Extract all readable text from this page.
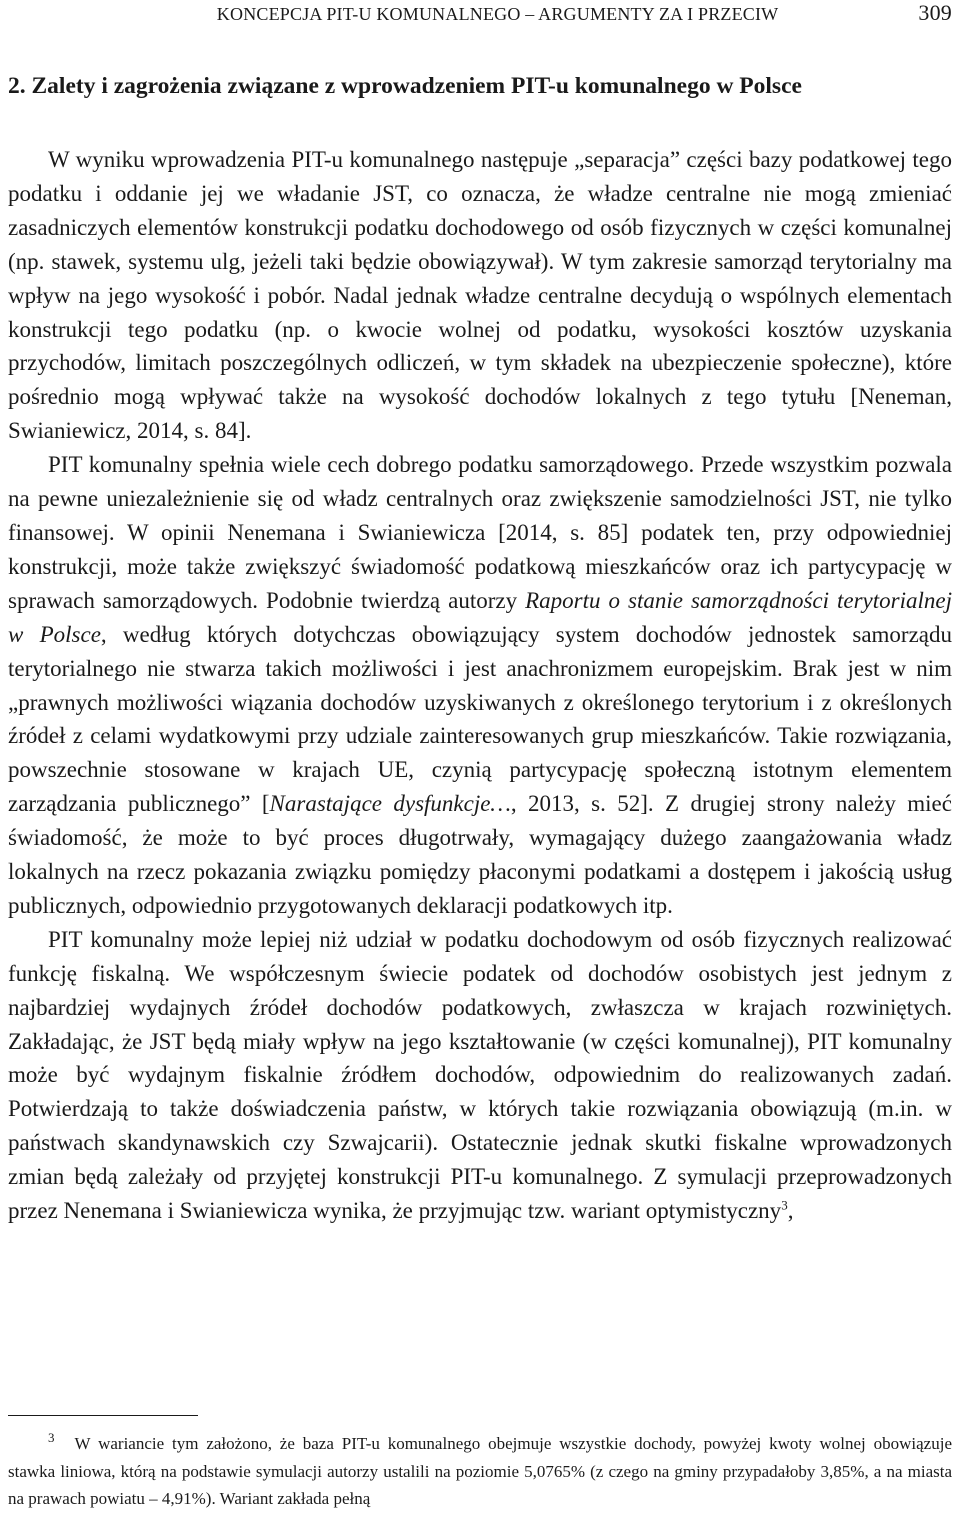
KONCEPCJA PIT-U KOMUNALNEGO – ARGUMENTY ZA I PRZECIW	309
2. Zalety i zagrożenia związane z wprowadzeniem PIT-u komunalnego w Polsce

W wyniku wprowadzenia PIT-u komunalnego następuje „separacja” części bazy podatkowej tego podatku i oddanie jej we władanie JST, co oznacza, że władze centralne nie mogą zmieniać zasadniczych elementów konstrukcji podatku dochodowego od osób fizycznych w części komunalnej (np. stawek, systemu ulg, jeżeli taki będzie obowiązywał). W tym zakresie samorząd terytorialny ma wpływ na jego wysokość i pobór. Nadal jednak władze centralne decydują o wspólnych elementach konstrukcji tego podatku (np. o kwocie wolnej od podatku, wysokości kosztów uzyskania przychodów, limitach poszczególnych odliczeń, w tym składek na ubezpieczenie społeczne), które pośrednio mogą wpływać także na wysokość dochodów lokalnych z tego tytułu [Neneman, Swianiewicz, 2014, s. 84].

PIT komunalny spełnia wiele cech dobrego podatku samorządowego. Przede wszystkim pozwala na pewne uniezależnienie się od władz centralnych oraz zwiększenie samodzielności JST, nie tylko finansowej. W opinii Nenemana i Swianiewicza [2014, s. 85] podatek ten, przy odpowiedniej konstrukcji, może także zwiększyć świadomość podatkową mieszkańców oraz ich partycypację w sprawach samorządowych. Podobnie twierdzą autorzy Raportu o stanie samorządności terytorialnej w Polsce, według których dotychczas obowiązujący system dochodów jednostek samorządu terytorialnego nie stwarza takich możliwości i jest anachronizmem europejskim. Brak jest w nim „prawnych możliwości wiązania dochodów uzyskiwanych z określonego terytorium i z określonych źródeł z celami wydatkowymi przy udziale zainteresowanych grup mieszkańców. Takie rozwiązania, powszechnie stosowane w krajach UE, czynią partycypację społeczną istotnym elementem zarządzania publicznego” [Narastające dysfunkcje…, 2013, s. 52]. Z drugiej strony należy mieć świadomość, że może to być proces długotrwały, wymagający dużego zaangażowania władz lokalnych na rzecz pokazania związku pomiędzy płaconymi podatkami a dostępem i jakością usług publicznych, odpowiednio przygotowanych deklaracji podatkowych itp.

PIT komunalny może lepiej niż udział w podatku dochodowym od osób fizycznych realizować funkcję fiskalną. We współczesnym świecie podatek od dochodów osobistych jest jednym z najbardziej wydajnych źródeł dochodów podatkowych, zwłaszcza w krajach rozwiniętych. Zakładając, że JST będą miały wpływ na jego kształtowanie (w części komunalnej), PIT komunalny może być wydajnym fiskalnie źródłem dochodów, odpowiednim do realizowanych zadań. Potwierdzają to także doświadczenia państw, w których takie rozwiązania obowiązują (m.in. w państwach skandynawskich czy Szwajcarii). Ostatecznie jednak skutki fiskalne wprowadzonych zmian będą zależały od przyjętej konstrukcji PIT-u komunalnego. Z symulacji przeprowadzonych przez Nenemana i Swianiewicza wynika, że przyjmując tzw. wariant optymistyczny$^3$,

$^3$ W wariancie tym założono, że baza PIT-u komunalnego obejmuje wszystkie dochody, powyżej kwoty wolnej obowiązuje stawka liniowa, którą na podstawie symulacji autorzy ustalili na poziomie 5,0765% (z czego na gminy przypadałoby 3,85%, a na miasta na prawach powiatu – 4,91%). Wariant zakłada pełną
